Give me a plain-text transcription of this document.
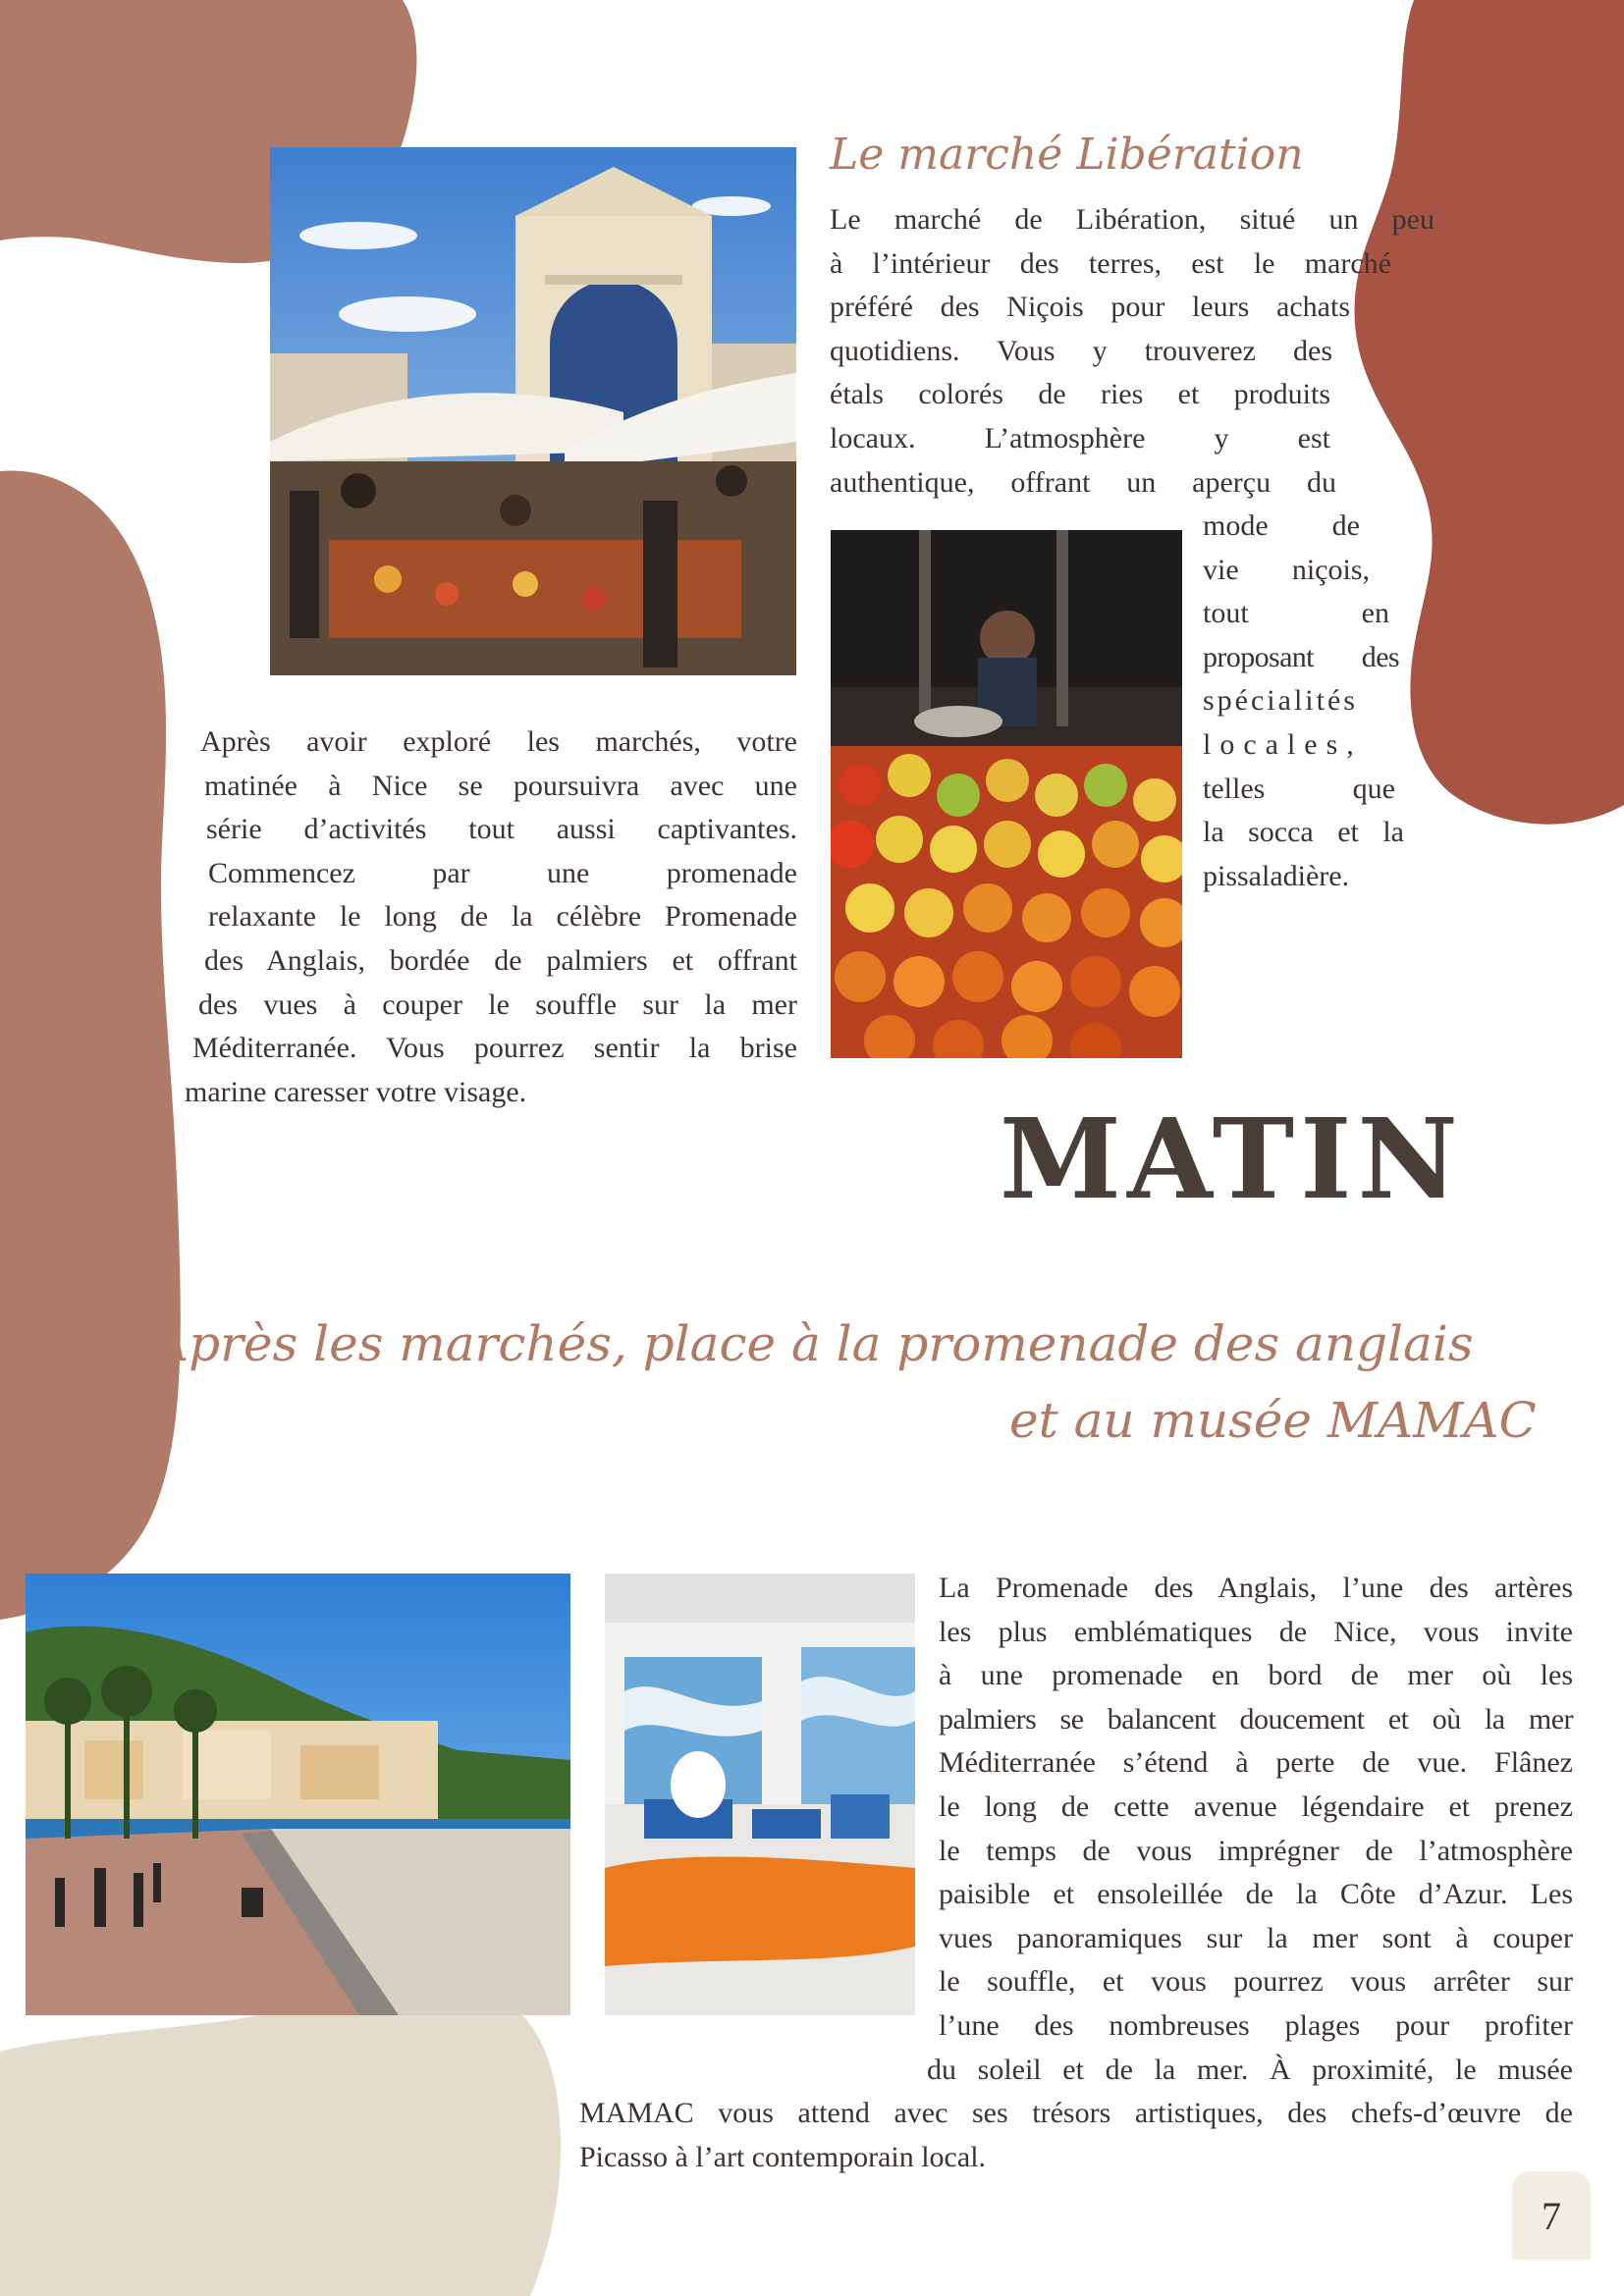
Le marché Libération

Le marché de Libération, situé un peu

à l’intérieur des terres, est le marché

préféré des Niçois pour leurs achats

quotidiens. Vous y trouverez des

étals colorés de ries et produits

locaux. L’atmosphère y est

authentique, offrant un aperçu du

mode de

vie niçois,

tout en

proposant des

spécialités

locales,

telles que

la socca et la

pissaladière.

Après avoir exploré les marchés, votre

matinée à Nice se poursuivra avec une

série d’activités tout aussi captivantes.

Commencez par une promenade

relaxante le long de la célèbre Promenade

des Anglais, bordée de palmiers et offrant

des vues à couper le souffle sur la mer

Méditerranée. Vous pourrez sentir la brise

marine caresser votre visage.

MATIN
Après les marchés, place à la promenade des anglais
et au musée MAMAC

La Promenade des Anglais, l’une des artères

les plus emblématiques de Nice, vous invite

à une promenade en bord de mer où les

palmiers se balancent doucement et où la mer

Méditerranée s’étend à perte de vue. Flânez

le long de cette avenue légendaire et prenez

le temps de vous imprégner de l’atmosphère

paisible et ensoleillée de la Côte d’Azur. Les

vues panoramiques sur la mer sont à couper

le souffle, et vous pourrez vous arrêter sur

l’une des nombreuses plages pour profiter

du soleil et de la mer. À proximité, le musée

MAMAC vous attend avec ses trésors artistiques, des chefs-d’œuvre de

Picasso à l’art contemporain local.

7
